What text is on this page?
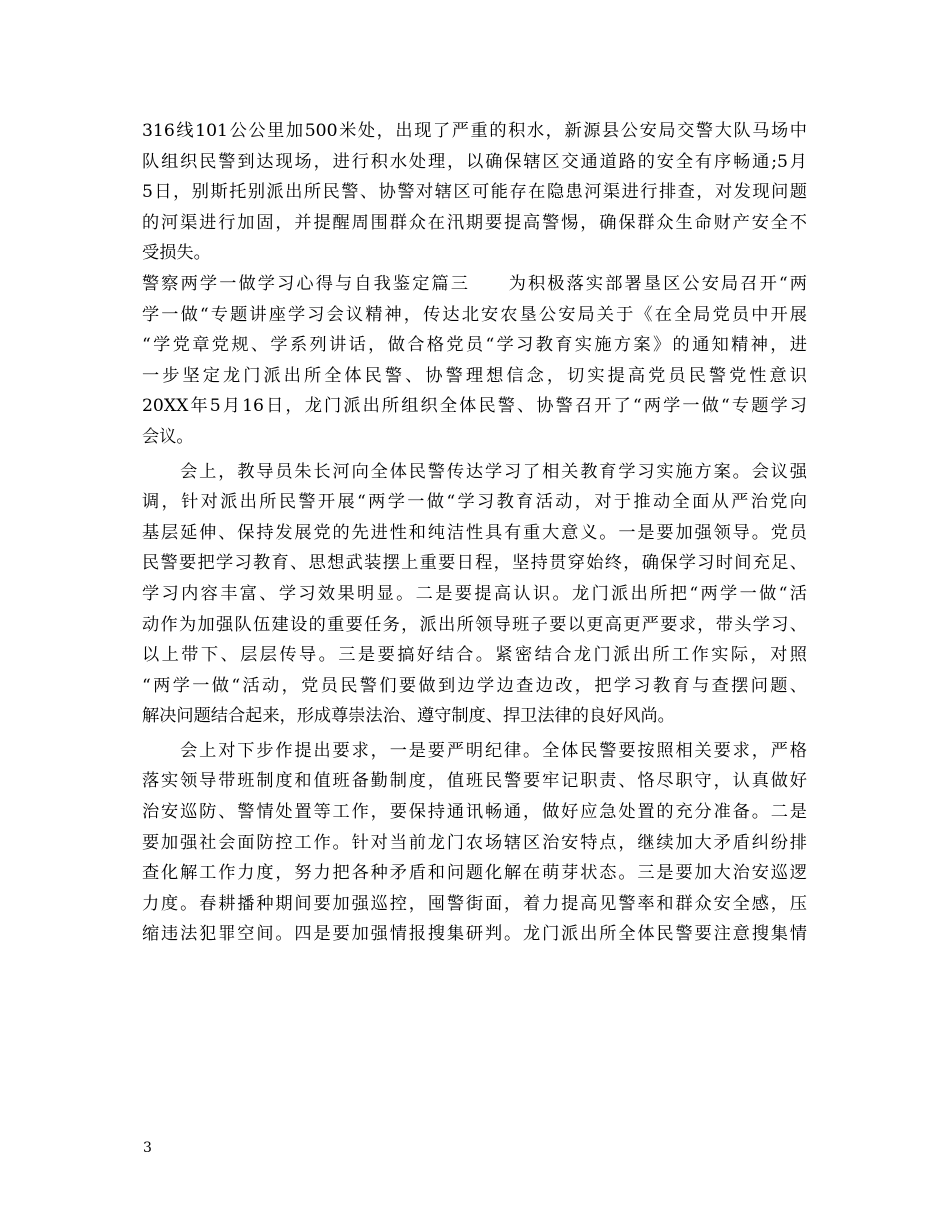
316线101公公里加500米处，出现了严重的积水，新源县公安局交警大队马场中
队组织民警到达现场，进行积水处理，以确保辖区交通道路的安全有序畅通;5月
5日，别斯托别派出所民警、协警对辖区可能存在隐患河渠进行排查，对发现问题
的河渠进行加固，并提醒周围群众在汛期要提高警惕，确保群众生命财产安全不
受损失。
警察两学一做学习心得与自我鉴定篇三　　为积极落实部署垦区公安局召开“两
学一做“专题讲座学习会议精神，传达北安农垦公安局关于《在全局党员中开展
“学党章党规、学系列讲话，做合格党员“学习教育实施方案》的通知精神，进
一步坚定龙门派出所全体民警、协警理想信念，切实提高党员民警党性意识
20XX年5月16日，龙门派出所组织全体民警、协警召开了“两学一做“专题学习
会议。
　　会上，教导员朱长河向全体民警传达学习了相关教育学习实施方案。会议强
调，针对派出所民警开展“两学一做“学习教育活动，对于推动全面从严治党向
基层延伸、保持发展党的先进性和纯洁性具有重大意义。一是要加强领导。党员
民警要把学习教育、思想武装摆上重要日程，坚持贯穿始终，确保学习时间充足、
学习内容丰富、学习效果明显。二是要提高认识。龙门派出所把“两学一做“活
动作为加强队伍建设的重要任务，派出所领导班子要以更高更严要求，带头学习、
以上带下、层层传导。三是要搞好结合。紧密结合龙门派出所工作实际，对照
“两学一做“活动，党员民警们要做到边学边查边改，把学习教育与查摆问题、
解决问题结合起来，形成尊崇法治、遵守制度、捍卫法律的良好风尚。
　　会上对下步作提出要求，一是要严明纪律。全体民警要按照相关要求，严格
落实领导带班制度和值班备勤制度，值班民警要牢记职责、恪尽职守，认真做好
治安巡防、警情处置等工作，要保持通讯畅通，做好应急处置的充分准备。二是
要加强社会面防控工作。针对当前龙门农场辖区治安特点，继续加大矛盾纠纷排
查化解工作力度，努力把各种矛盾和问题化解在萌芽状态。三是要加大治安巡逻
力度。春耕播种期间要加强巡控，囤警街面，着力提高见警率和群众安全感，压
缩违法犯罪空间。四是要加强情报搜集研判。龙门派出所全体民警要注意搜集情
3
